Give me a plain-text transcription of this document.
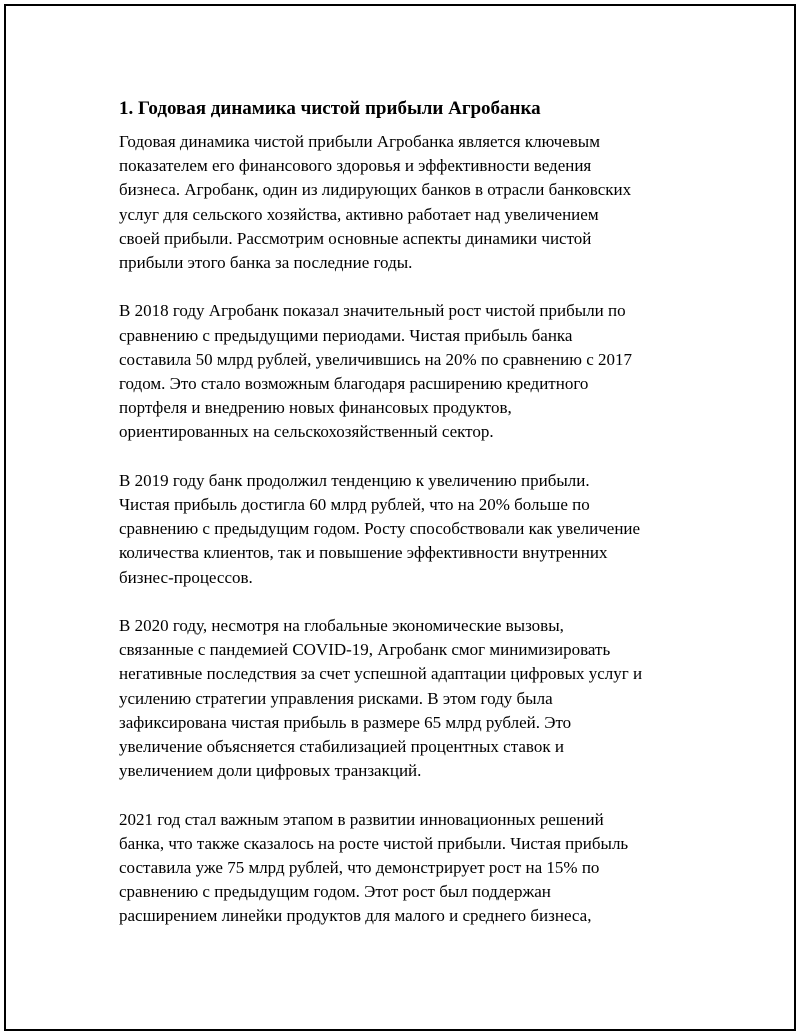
1. Годовая динамика чистой прибыли Агробанка

Годовая динамика чистой прибыли Агробанка является ключевым
показателем его финансового здоровья и эффективности ведения
бизнеса. Агробанк, один из лидирующих банков в отрасли банковских
услуг для сельского хозяйства, активно работает над увеличением
своей прибыли. Рассмотрим основные аспекты динамики чистой
прибыли этого банка за последние годы.

В 2018 году Агробанк показал значительный рост чистой прибыли по
сравнению с предыдущими периодами. Чистая прибыль банка
составила 50 млрд рублей, увеличившись на 20% по сравнению с 2017
годом. Это стало возможным благодаря расширению кредитного
портфеля и внедрению новых финансовых продуктов,
ориентированных на сельскохозяйственный сектор.

В 2019 году банк продолжил тенденцию к увеличению прибыли.
Чистая прибыль достигла 60 млрд рублей, что на 20% больше по
сравнению с предыдущим годом. Росту способствовали как увеличение
количества клиентов, так и повышение эффективности внутренних
бизнес-процессов.

В 2020 году, несмотря на глобальные экономические вызовы,
связанные с пандемией COVID-19, Агробанк смог минимизировать
негативные последствия за счет успешной адаптации цифровых услуг и
усилению стратегии управления рисками. В этом году была
зафиксирована чистая прибыль в размере 65 млрд рублей. Это
увеличение объясняется стабилизацией процентных ставок и
увеличением доли цифровых транзакций.

2021 год стал важным этапом в развитии инновационных решений
банка, что также сказалось на росте чистой прибыли. Чистая прибыль
составила уже 75 млрд рублей, что демонстрирует рост на 15% по
сравнению с предыдущим годом. Этот рост был поддержан
расширением линейки продуктов для малого и среднего бизнеса,
